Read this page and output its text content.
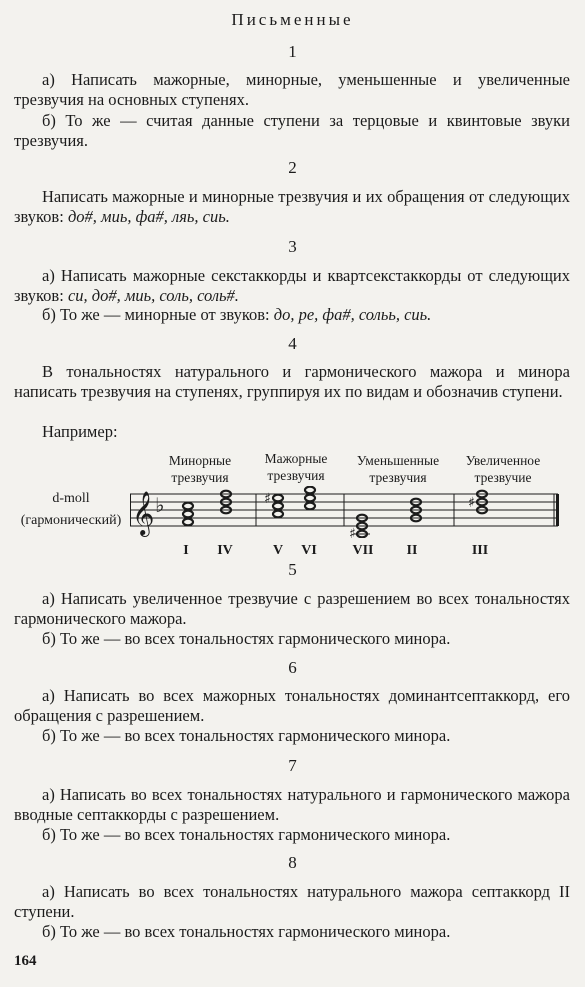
Письменные
1
а) Написать мажорные, минорные, уменьшенные и увеличенные трезвучия на основных ступенях.
б) То же — считая данные ступени за терцовые и квинтовые звуки трезвучия.
2
Написать мажорные и минорные трезвучия и их обращения от следующих звуков: до#, миь, фа#, ляь, сиь.
3
а) Написать мажорные секстаккорды и квартсекстаккорды от следующих звуков: си, до#, миь, соль, соль#.
б) То же — минорные от звуков: до, ре, фа#, сольь, сиь.
4
В тональностях натурального и гармонического мажора и минора написать трезвучия на ступенях, группируя их по видам и обозначив ступени.
Например:
Минорные
трезвучия
Мажорные
трезвучия
Уменьшенные
трезвучия
Увеличенное
трезвучие
d-moll
(гармонический) 𝄞 ♭	♯
♯
♯
I	IV	V	VI	VII	II	III
5
а) Написать увеличенное трезвучие с разрешением во всех тональностях гармонического мажора.
б) То же — во всех тональностях гармонического минора.
6
а) Написать во всех мажорных тональностях доминантсептаккорд, его обращения с разрешением.
б) То же — во всех тональностях гармонического минора.
7
а) Написать во всех тональностях натурального и гармонического мажора вводные септаккорды с разрешением.
б) То же — во всех тональностях гармонического минора.
8
а) Написать во всех тональностях натурального мажора септаккорд II ступени.
б) То же — во всех тональностях гармонического минора.
164
